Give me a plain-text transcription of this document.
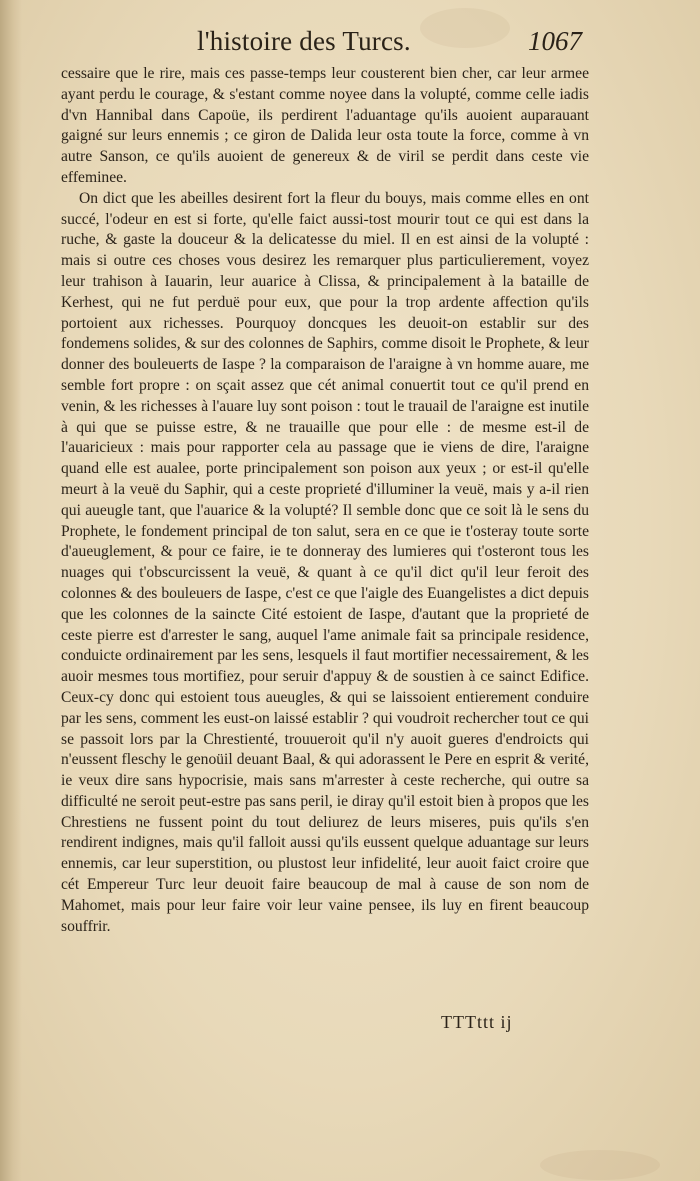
l'histoire des Turcs.	1067

cessaire que le rire, mais ces passe-temps leur cousterent bien cher, car leur armee ayant perdu le courage, & s'estant comme noyee dans la volupté, comme celle iadis d'vn Hannibal dans Capoüe, ils perdirent l'aduantage qu'ils auoient auparauant gaigné sur leurs ennemis ; ce giron de Dalida leur osta toute la force, comme à vn autre Sanson, ce qu'ils auoient de genereux & de viril se perdit dans ceste vie effeminee.

On dict que les abeilles desirent fort la fleur du bouys, mais comme elles en ont succé, l'odeur en est si forte, qu'elle faict aussi-tost mourir tout ce qui est dans la ruche, & gaste la douceur & la delicatesse du miel. Il en est ainsi de la volupté : mais si outre ces choses vous desirez les remarquer plus particulierement, voyez leur trahison à Iauarin, leur auarice à Clissa, & principalement à la bataille de Kerhest, qui ne fut perduë pour eux, que pour la trop ardente affection qu'ils portoient aux richesses. Pourquoy doncques les deuoit-on establir sur des fondemens solides, & sur des colonnes de Saphirs, comme disoit le Prophete, & leur donner des bouleuerts de Iaspe ? la comparaison de l'araigne à vn homme auare, me semble fort propre : on sçait assez que cét animal conuertit tout ce qu'il prend en venin, & les richesses à l'auare luy sont poison : tout le trauail de l'araigne est inutile à qui que se puisse estre, & ne trauaille que pour elle : de mesme est-il de l'auaricieux : mais pour rapporter cela au passage que ie viens de dire, l'araigne quand elle est aualee, porte principalement son poison aux yeux ; or est-il qu'elle meurt à la veuë du Saphir, qui a ceste proprieté d'illuminer la veuë, mais y a-il rien qui aueugle tant, que l'auarice & la volupté? Il semble donc que ce soit là le sens du Prophete, le fondement principal de ton salut, sera en ce que ie t'osteray toute sorte d'aueuglement, & pour ce faire, ie te donneray des lumieres qui t'osteront tous les nuages qui t'obscurcissent la veuë, & quant à ce qu'il dict qu'il leur feroit des colonnes & des bouleuers de Iaspe, c'est ce que l'aigle des Euangelistes a dict depuis que les colonnes de la saincte Cité estoient de Iaspe, d'autant que la proprieté de ceste pierre est d'arrester le sang, auquel l'ame animale fait sa principale residence, conduicte ordinairement par les sens, lesquels il faut mortifier necessairement, & les auoir mesmes tous mortifiez, pour seruir d'appuy & de soustien à ce sainct Edifice. Ceux-cy donc qui estoient tous aueugles, & qui se laissoient entierement conduire par les sens, comment les eust-on laissé establir ? qui voudroit rechercher tout ce qui se passoit lors par la Chrestienté, trouueroit qu'il n'y auoit gueres d'endroicts qui n'eussent fleschy le genoüil deuant Baal, & qui adorassent le Pere en esprit & verité, ie veux dire sans hypocrisie, mais sans m'arrester à ceste recherche, qui outre sa difficulté ne seroit peut-estre pas sans peril, ie diray qu'il estoit bien à propos que les Chrestiens ne fussent point du tout deliurez de leurs miseres, puis qu'ils s'en rendirent indignes, mais qu'il falloit aussi qu'ils eussent quelque aduantage sur leurs ennemis, car leur superstition, ou plustost leur infidelité, leur auoit faict croire que cét Empereur Turc leur deuoit faire beaucoup de mal à cause de son nom de Mahomet, mais pour leur faire voir leur vaine pensee, ils luy en firent beaucoup souffrir.

TTTttt ij
